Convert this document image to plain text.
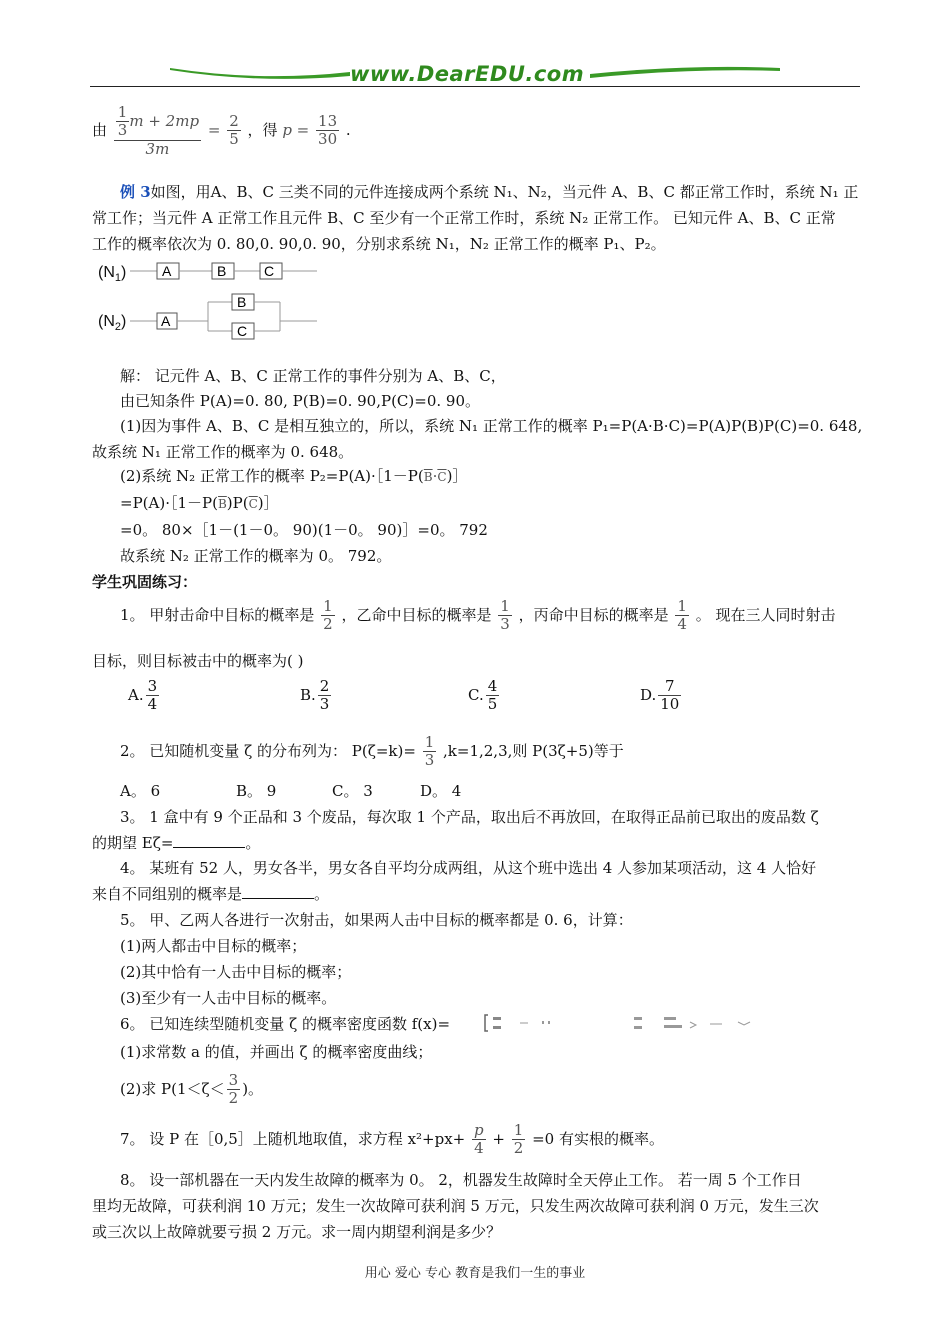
www.DearEDU.com
由 $\frac{\frac{1}{3} m + 2mp}{3m} = \frac{2}{5}$ ，得 $p = \frac{13}{30}$ .
例 3如图，用A、B、C 三类不同的元件连接成两个系统 N₁、N₂，当元件 A、B、C 都正常工作时，系统 N₁ 正
常工作；当元件 A 正常工作且元件 B、C 至少有一个正常工作时，系统 N₂ 正常工作。 已知元件 A、B、C 正常
工作的概率依次为 0. 80,0. 90,0. 90，分别求系统 N₁，N₂ 正常工作的概率 P₁、P₂。
$(N_1)$	A	B	C
$(N_2)$ A
B
C
解： 记元件 A、B、C 正常工作的事件分别为 A、B、C，
由已知条件 P(A)=0. 80, P(B)=0. 90,P(C)=0. 90。
(1)因为事件 A、B、C 是相互独立的，所以，系统 N₁ 正常工作的概率 P₁=P(A·B·C)=P(A)P(B)P(C)=0. 648,
故系统 N₁ 正常工作的概率为 0. 648。
(2)系统 N₂ 正常工作的概率 $P_2=P(A)\cdot[1-P(\overline{B}\cdot\overline{C})]$
$=P(A)\cdot[1-P(\overline{B})P(\overline{C})]$
=0。 80×［1－(1－0。 90)(1－0。 90)］=0。 792
故系统 N₂ 正常工作的概率为 0。 792。
学生巩固练习：
1。 甲射击命中目标的概率是 $\frac{1}{2}$ ，乙命中目标的概率是 $\frac{1}{3}$ ，丙命中目标的概率是 $\frac{1}{4}$ 。 现在三人同时射击
目标，则目标被击中的概率为( )
A. $\frac{3}{4}$	B. $\frac{2}{3}$	C. $\frac{4}{5}$	D. $\frac{7}{10}$
2。 已知随机变量 ζ 的分布列为： $P(\zeta=k)= \frac{1}{3} ,k=1,2,3$,则 P(3ζ+5)等于
A。 6	B。 9	C。 3	D。 4
3。 1 盒中有 9 个正品和 3 个废品，每次取 1 个产品，取出后不再放回，在取得正品前已取出的废品数 ζ
的期望 Eζ=	。
4。 某班有 52 人，男女各半，男女各自平均分成两组，从这个班中选出 4 人参加某项活动，这 4 人恰好
来自不同组别的概率是	。
5。 甲、乙两人各进行一次射击，如果两人击中目标的概率都是 0. 6，计算：
(1)两人都击中目标的概率；
(2)其中恰有一人击中目标的概率；
(3)至少有一人击中目标的概率。
6。 已知连续型随机变量 ζ 的概率密度函数 f(x)=
(1)求常数 a 的值，并画出 ζ 的概率密度曲线；
(2)求 $P(1<\zeta< \frac{3}{2}$ )。
7。 设 P 在［0,5］上随机地取值，求方程 $x^2+px+ \frac{p}{4} + \frac{1}{2} =0$ 有实根的概率。
8。 设一部机器在一天内发生故障的概率为 0。 2，机器发生故障时全天停止工作。 若一周 5 个工作日
里均无故障，可获利润 10 万元；发生一次故障可获利润 5 万元，只发生两次故障可获利润 0 万元，发生三次
或三次以上故障就要亏损 2 万元。求一周内期望利润是多少？
用心 爱心 专心 教育是我们一生的事业
